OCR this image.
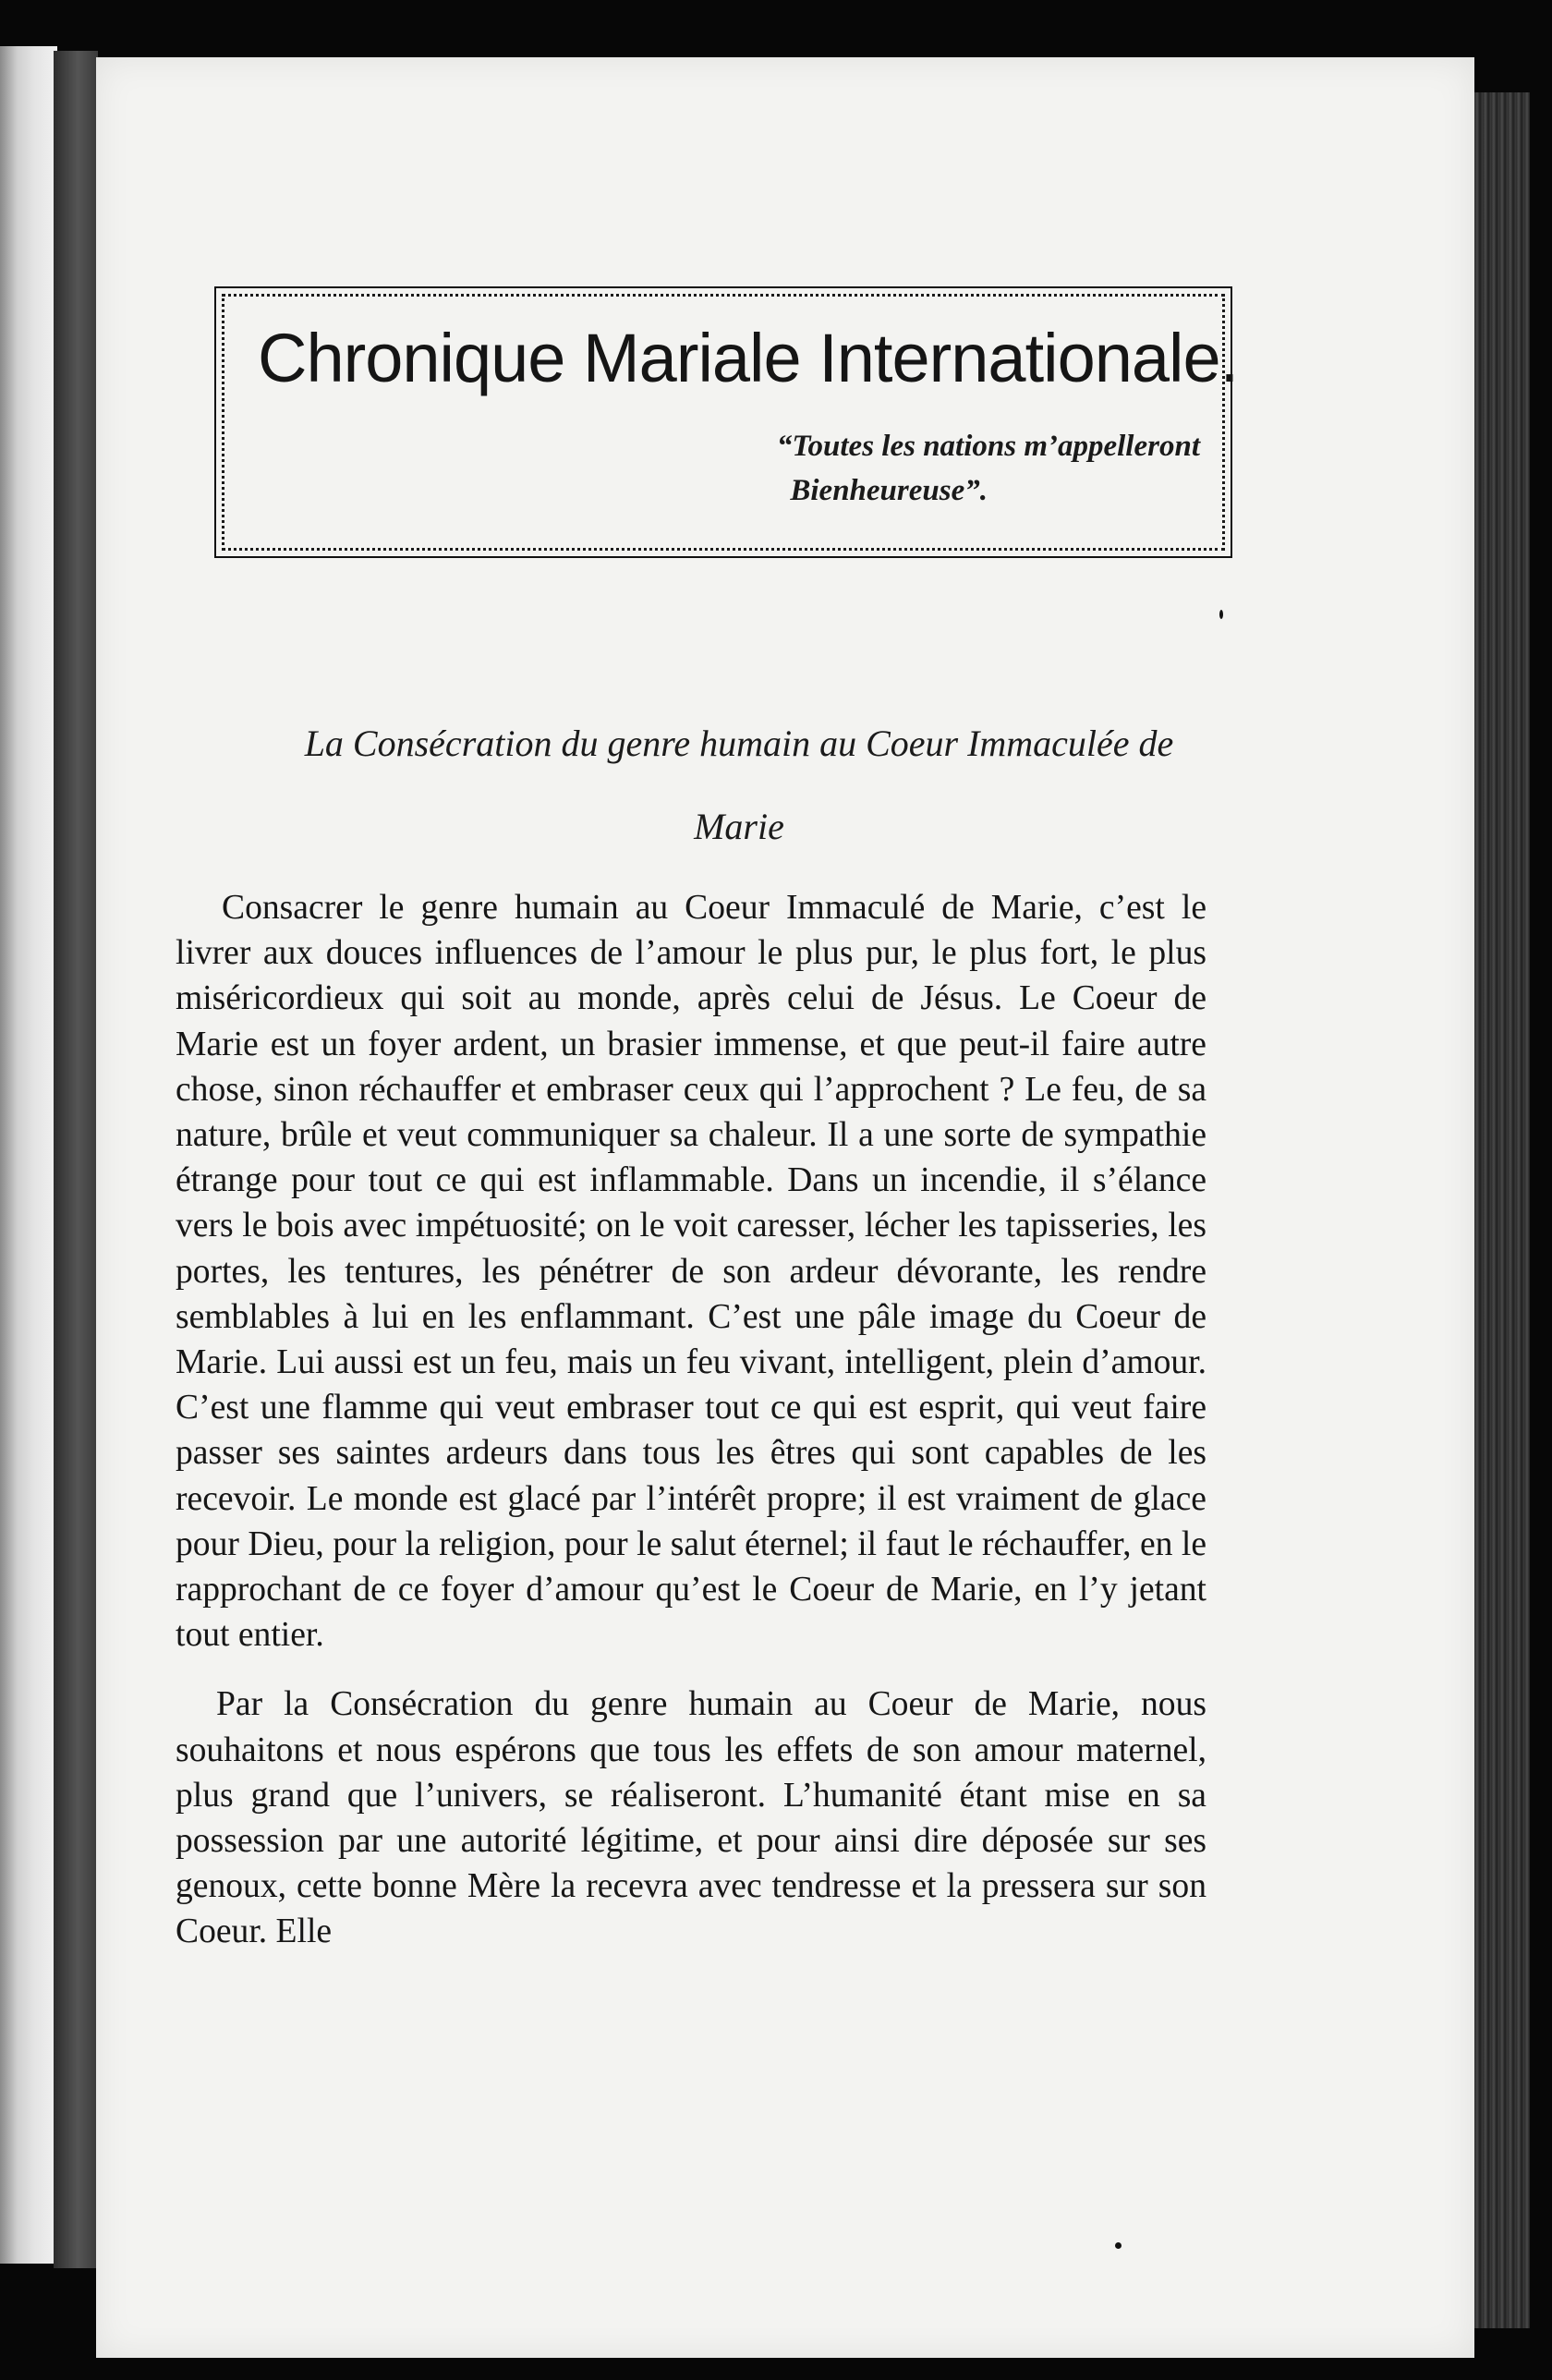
Chronique Mariale Internationale.
“Toutes les nations m’appelleront
Bienheureuse”.
La Consécration du genre humain au Coeur Immaculée de
Marie

Consacrer le genre humain au Coeur Immaculé de Marie, c’est le livrer aux douces influences de l’amour le plus pur, le plus fort, le plus miséricordieux qui soit au monde, après celui de Jésus. Le Coeur de Marie est un foyer ardent, un brasier immense, et que peut-il faire autre chose, sinon réchauffer et embraser ceux qui l’approchent ? Le feu, de sa nature, brûle et veut communiquer sa chaleur. Il a une sorte de sympathie étrange pour tout ce qui est inflammable. Dans un incendie, il s’élance vers le bois avec impétuosité; on le voit caresser, lécher les tapisseries, les portes, les tentures, les pénétrer de son ardeur dévorante, les rendre semblables à lui en les enflammant. C’est une pâle image du Coeur de Marie. Lui aussi est un feu, mais un feu vivant, intelligent, plein d’amour. C’est une flamme qui veut embraser tout ce qui est esprit, qui veut faire passer ses saintes ardeurs dans tous les êtres qui sont capables de les recevoir. Le monde est glacé par l’intérêt propre; il est vraiment de glace pour Dieu, pour la religion, pour le salut éternel; il faut le réchauffer, en le rapprochant de ce foyer d’amour qu’est le Coeur de Marie, en l’y jetant tout entier.

Par la Consécration du genre humain au Coeur de Marie, nous souhaitons et nous espérons que tous les effets de son amour maternel, plus grand que l’univers, se réaliseront. L’humanité étant mise en sa possession par une autorité légitime, et pour ainsi dire déposée sur ses genoux, cette bonne Mère la recevra avec tendresse et la pressera sur son Coeur. Elle
